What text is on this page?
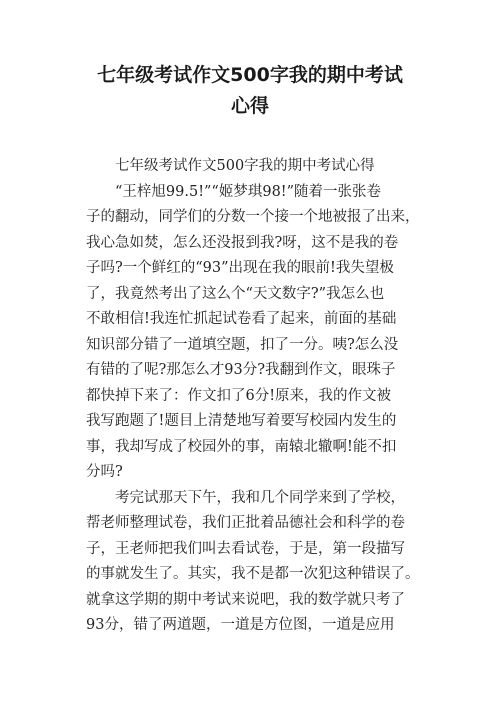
七年级考试作文500字我的期中考试
心得
七年级考试作文500字我的期中考试心得
“王梓旭99.5!”“姬梦琪98!”随着一张张卷
子的翻动，同学们的分数一个接一个地被报了出来，
我心急如焚，怎么还没报到我?呀，这不是我的卷
子吗?一个鲜红的“93”出现在我的眼前!我失望极
了，我竟然考出了这么个“天文数字?”我怎么也
不敢相信!我连忙抓起试卷看了起来，前面的基础
知识部分错了一道填空题，扣了一分。咦?怎么没
有错的了呢?那怎么才93分?我翻到作文，眼珠子
都快掉下来了：作文扣了6分!原来，我的作文被
我写跑题了!题目上清楚地写着要写校园内发生的
事，我却写成了校园外的事，南辕北辙啊!能不扣
分吗?
考完试那天下午，我和几个同学来到了学校，
帮老师整理试卷，我们正批着品德社会和科学的卷
子，王老师把我们叫去看试卷，于是，第一段描写
的事就发生了。其实，我不是都一次犯这种错误了。
就拿这学期的期中考试来说吧，我的数学就只考了
93分，错了两道题，一道是方位图，一道是应用
